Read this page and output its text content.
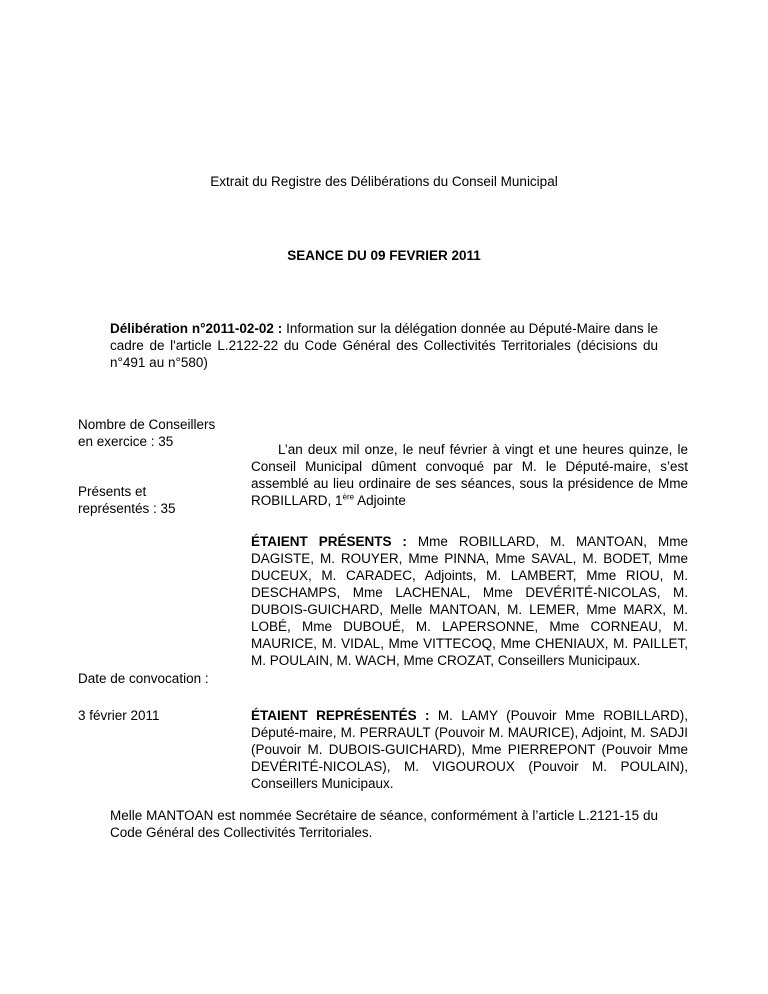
Extrait du Registre des Délibérations du Conseil Municipal
SEANCE DU 09 FEVRIER 2011
Délibération n°2011-02-02 : Information sur la délégation donnée au Député-Maire dans le cadre de l'article L.2122-22 du Code Général des Collectivités Territoriales (décisions du n°491 au n°580)
Nombre de Conseillers
en exercice : 35
Présents et
représentés : 35
Date de convocation :
3 février 2011
L’an deux mil onze, le neuf février à vingt et une heures quinze, le Conseil Municipal dûment convoqué par M. le Député-maire, s’est assemblé au lieu ordinaire de ses séances, sous la présidence de Mme ROBILLARD, 1ère Adjointe
ÉTAIENT PRÉSENTS : Mme ROBILLARD, M. MANTOAN, Mme DAGISTE, M. ROUYER, Mme PINNA, Mme SAVAL, M. BODET, Mme DUCEUX, M. CARADEC, Adjoints, M. LAMBERT, Mme RIOU, M. DESCHAMPS, Mme LACHENAL, Mme DEVÉRITÉ-NICOLAS, M. DUBOIS-GUICHARD, Melle MANTOAN, M. LEMER, Mme MARX, M. LOBÉ, Mme DUBOUÉ, M. LAPERSONNE, Mme CORNEAU, M. MAURICE, M. VIDAL, Mme VITTECOQ, Mme CHENIAUX, M. PAILLET, M. POULAIN, M. WACH, Mme CROZAT, Conseillers Municipaux.
ÉTAIENT REPRÉSENTÉS : M. LAMY (Pouvoir Mme ROBILLARD), Député-maire, M. PERRAULT (Pouvoir M. MAURICE), Adjoint, M. SADJI (Pouvoir M. DUBOIS-GUICHARD), Mme PIERREPONT (Pouvoir Mme DEVÉRITÉ-NICOLAS), M. VIGOUROUX (Pouvoir M. POULAIN), Conseillers Municipaux.
Melle MANTOAN est nommée Secrétaire de séance, conformément à l’article L.2121-15 du Code Général des Collectivités Territoriales.
